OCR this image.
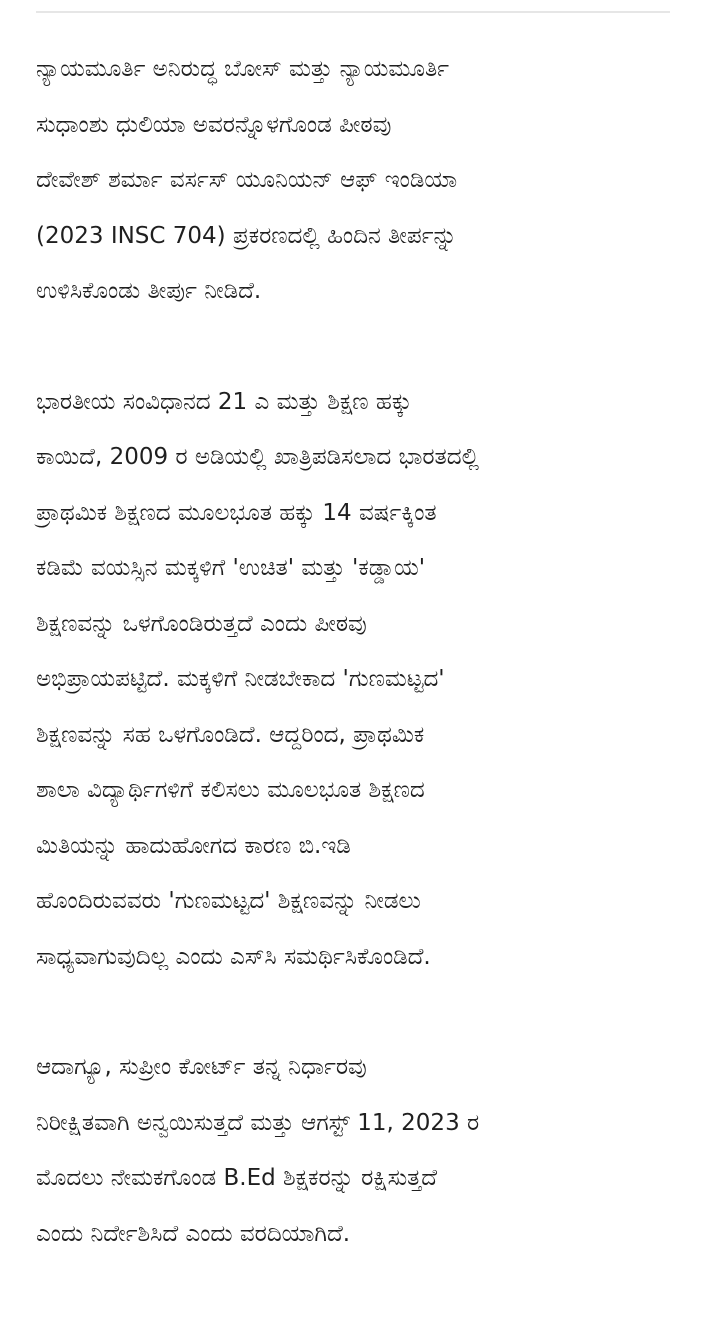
ನ್ಯಾಯಮೂರ್ತಿ ಅನಿರುದ್ಧ ಬೋಸ್ ಮತ್ತು ನ್ಯಾಯಮೂರ್ತಿ
ಸುಧಾಂಶು ಧುಲಿಯಾ ಅವರನ್ನೊಳಗೊಂಡ ಪೀಠವು
ದೇವೇಶ್ ಶರ್ಮಾ ವರ್ಸಸ್ ಯೂನಿಯನ್ ಆಫ್ ಇಂಡಿಯಾ
(2023 INSC 704) ಪ್ರಕರಣದಲ್ಲಿ ಹಿಂದಿನ ತೀರ್ಪನ್ನು
ಉಳಿಸಿಕೊಂಡು ತೀರ್ಪು ನೀಡಿದೆ.

ಭಾರತೀಯ ಸಂವಿಧಾನದ 21 ಎ ಮತ್ತು ಶಿಕ್ಷಣ ಹಕ್ಕು
ಕಾಯಿದೆ, 2009 ರ ಅಡಿಯಲ್ಲಿ ಖಾತ್ರಿಪಡಿಸಲಾದ ಭಾರತದಲ್ಲಿ
ಪ್ರಾಥಮಿಕ ಶಿಕ್ಷಣದ ಮೂಲಭೂತ ಹಕ್ಕು 14 ವರ್ಷಕ್ಕಿಂತ
ಕಡಿಮೆ ವಯಸ್ಸಿನ ಮಕ್ಕಳಿಗೆ 'ಉಚಿತ' ಮತ್ತು 'ಕಡ್ಡಾಯ'
ಶಿಕ್ಷಣವನ್ನು ಒಳಗೊಂಡಿರುತ್ತದೆ ಎಂದು ಪೀಠವು
ಅಭಿಪ್ರಾಯಪಟ್ಟಿದೆ. ಮಕ್ಕಳಿಗೆ ನೀಡಬೇಕಾದ 'ಗುಣಮಟ್ಟದ'
ಶಿಕ್ಷಣವನ್ನು ಸಹ ಒಳಗೊಂಡಿದೆ. ಆದ್ದರಿಂದ, ಪ್ರಾಥಮಿಕ
ಶಾಲಾ ವಿದ್ಯಾರ್ಥಿಗಳಿಗೆ ಕಲಿಸಲು ಮೂಲಭೂತ ಶಿಕ್ಷಣದ
ಮಿತಿಯನ್ನು ಹಾದುಹೋಗದ ಕಾರಣ ಬಿ.ಇಡಿ
ಹೊಂದಿರುವವರು 'ಗುಣಮಟ್ಟದ' ಶಿಕ್ಷಣವನ್ನು ನೀಡಲು
ಸಾಧ್ಯವಾಗುವುದಿಲ್ಲ ಎಂದು ಎಸ್‌ಸಿ ಸಮರ್ಥಿಸಿಕೊಂಡಿದೆ.

ಆದಾಗ್ಯೂ, ಸುಪ್ರೀಂ ಕೋರ್ಟ್ ತನ್ನ ನಿರ್ಧಾರವು
ನಿರೀಕ್ಷಿತವಾಗಿ ಅನ್ವಯಿಸುತ್ತದೆ ಮತ್ತು ಆಗಸ್ಟ್ 11, 2023 ರ
ಮೊದಲು ನೇಮಕಗೊಂಡ B.Ed ಶಿಕ್ಷಕರನ್ನು ರಕ್ಷಿಸುತ್ತದೆ
ಎಂದು ನಿರ್ದೇಶಿಸಿದೆ ಎಂದು ವರದಿಯಾಗಿದೆ.
